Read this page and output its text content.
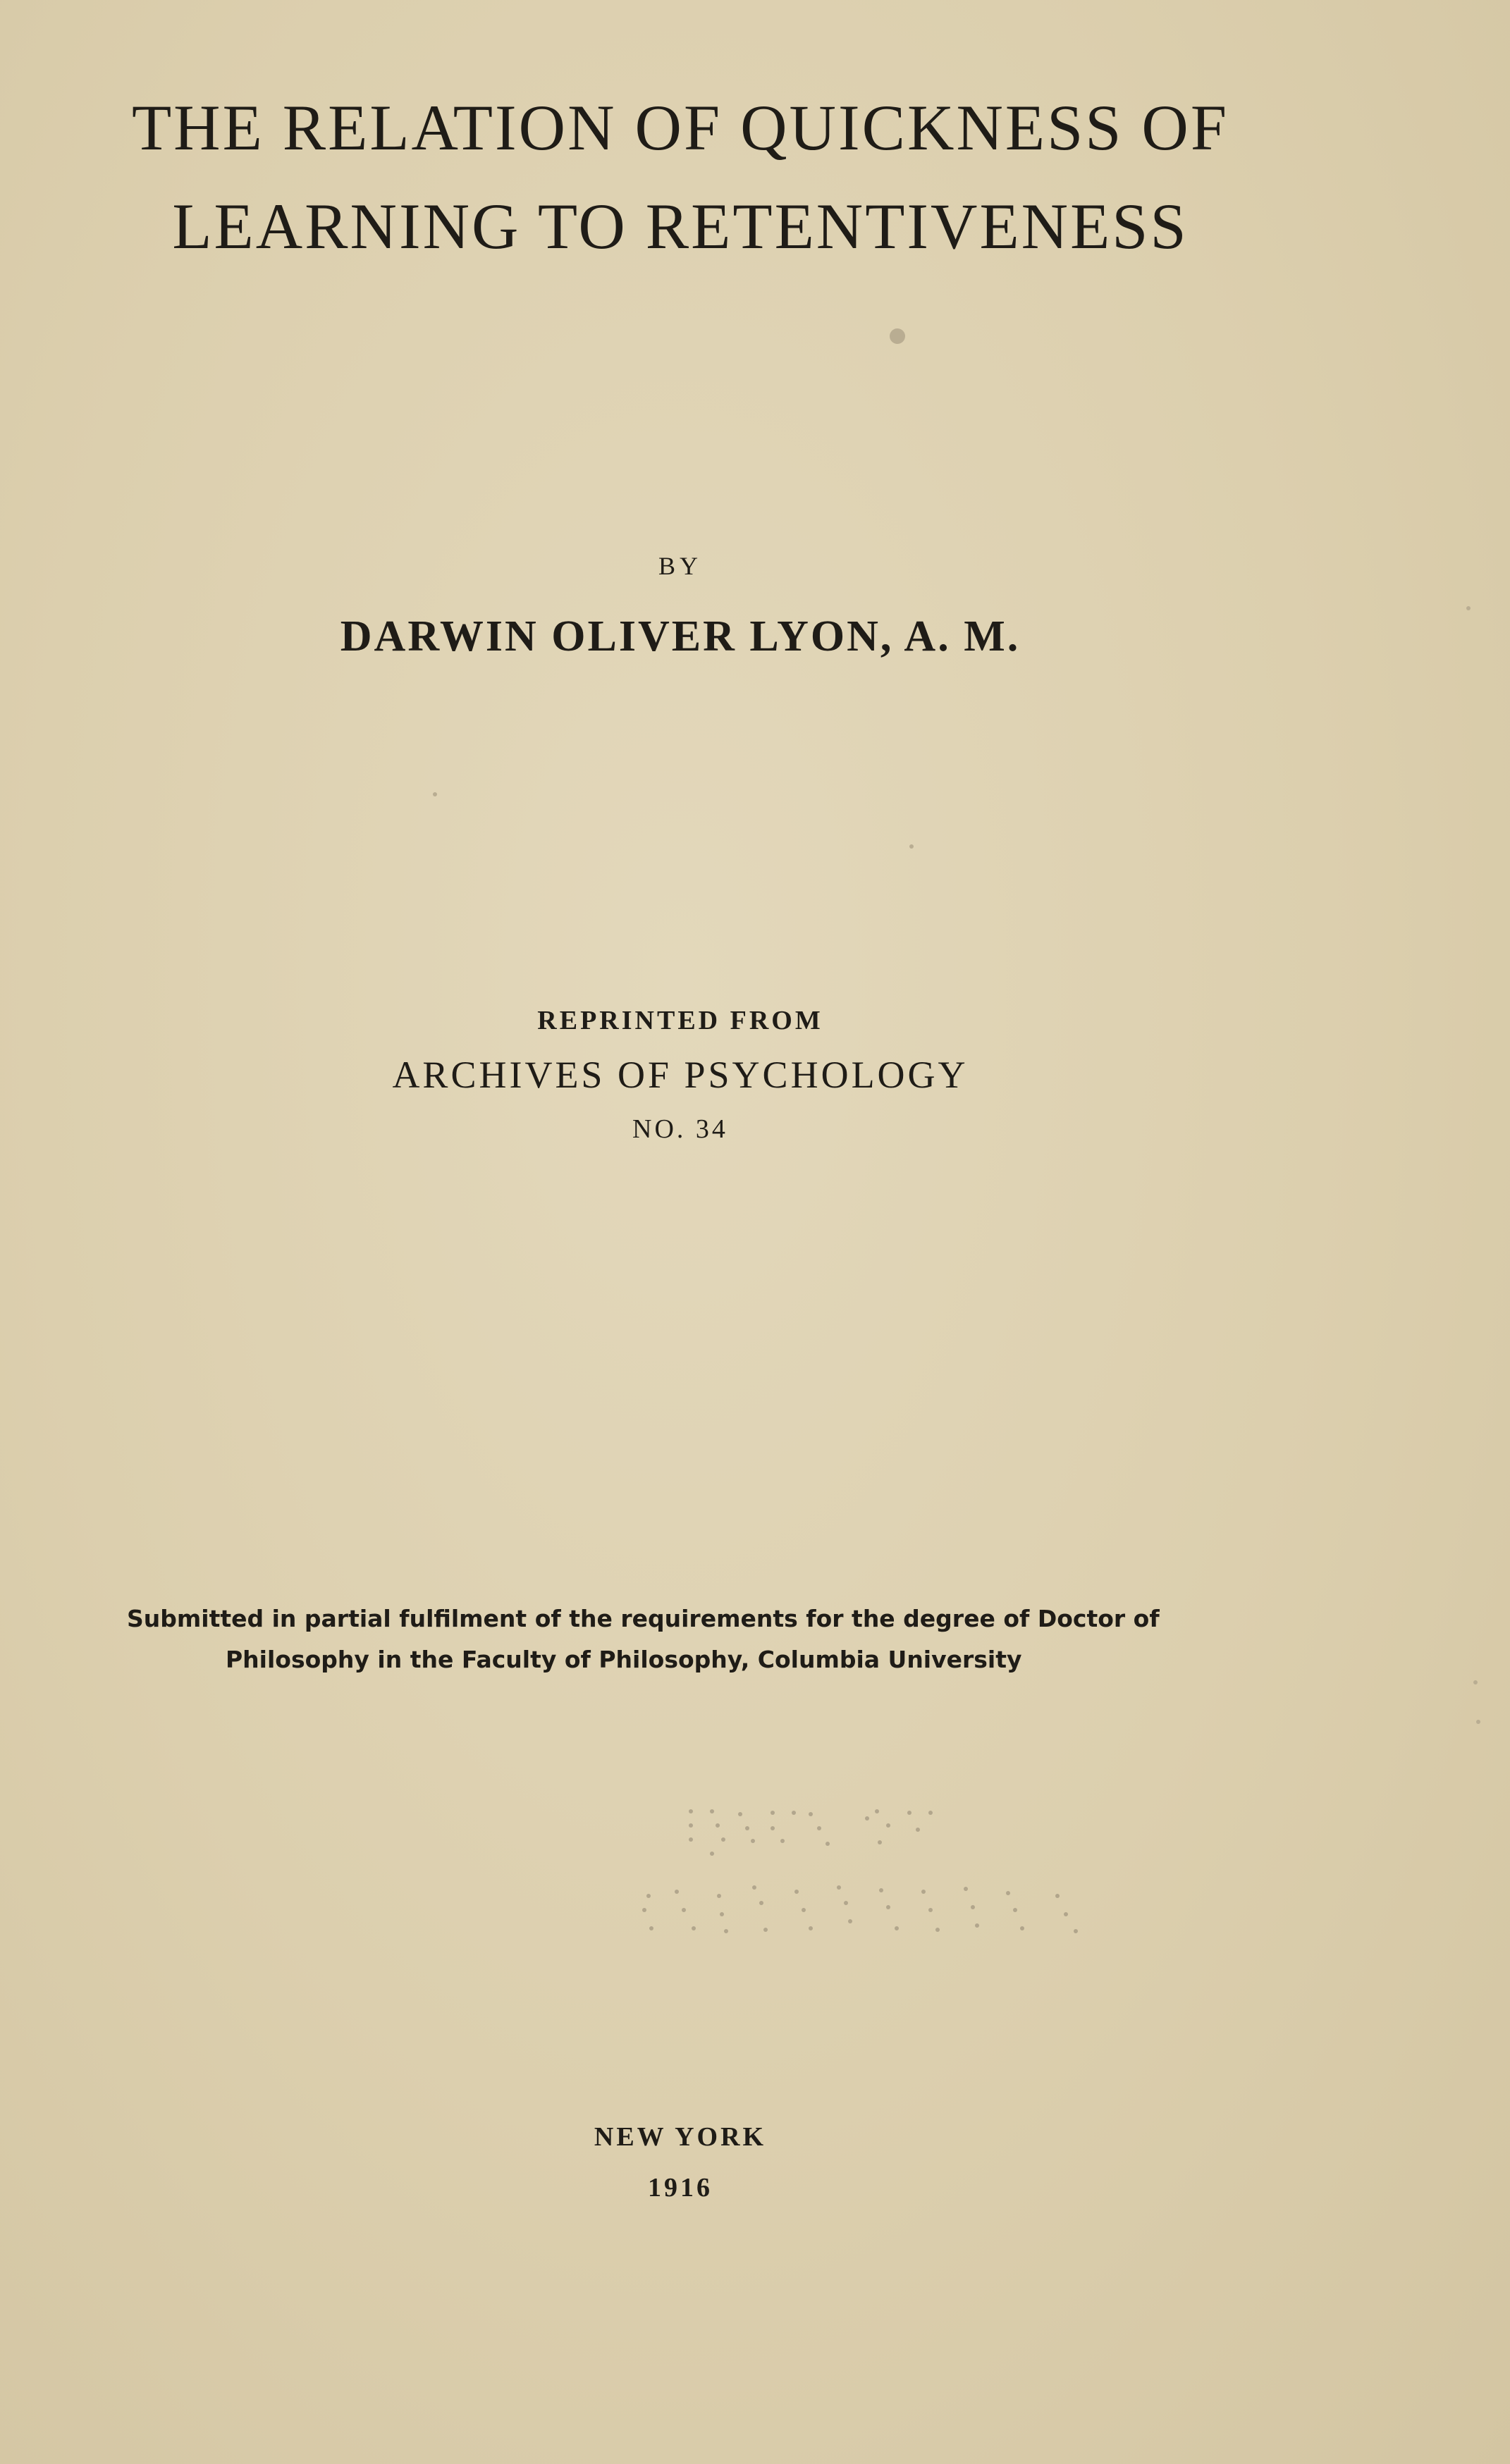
THE RELATION OF QUICKNESS OF
LEARNING TO RETENTIVENESS

BY

DARWIN OLIVER LYON, A. M.

REPRINTED FROM

ARCHIVES OF PSYCHOLOGY

NO. 34

Submitted in partial fulfilment of the requirements for the degree of Doctor of
Philosophy in the Faculty of Philosophy, Columbia University

NEW YORK

1916
